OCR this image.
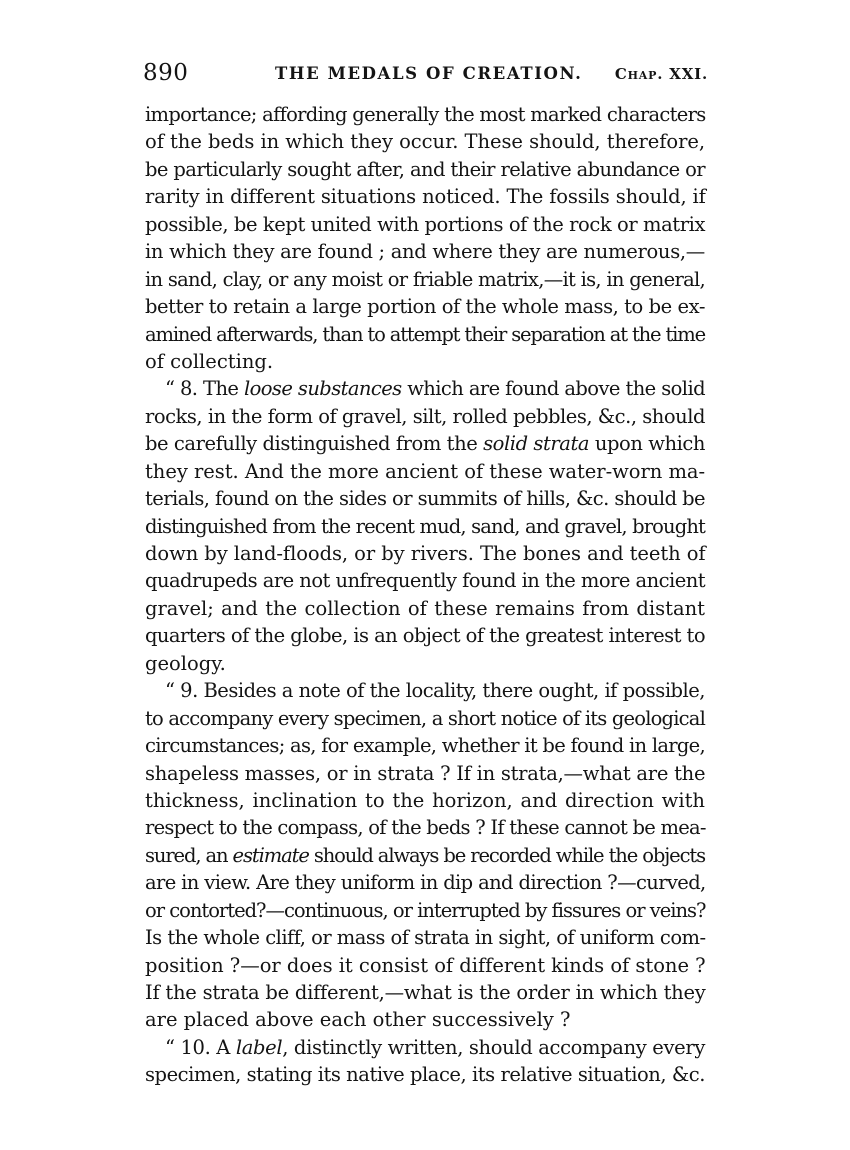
890	THE MEDALS OF CREATION. Chap. XXI.
importance; affording generally the most marked characters
of the beds in which they occur. These should, therefore,
be particularly sought after, and their relative abundance or
rarity in different situations noticed. The fossils should, if
possible, be kept united with portions of the rock or matrix
in which they are found ; and where they are numerous,—
in sand, clay, or any moist or friable matrix,—it is, in general,
better to retain a large portion of the whole mass, to be ex-
amined afterwards, than to attempt their separation at the time
of collecting.
“ 8. The loose substances which are found above the solid
rocks, in the form of gravel, silt, rolled pebbles, &c., should
be carefully distinguished from the solid strata upon which
they rest. And the more ancient of these water-worn ma-
terials, found on the sides or summits of hills, &c. should be
distinguished from the recent mud, sand, and gravel, brought
down by land-floods, or by rivers. The bones and teeth of
quadrupeds are not unfrequently found in the more ancient
gravel; and the collection of these remains from distant
quarters of the globe, is an object of the greatest interest to
geology.
“ 9. Besides a note of the locality, there ought, if possible,
to accompany every specimen, a short notice of its geological
circumstances; as, for example, whether it be found in large,
shapeless masses, or in strata ? If in strata,—what are the
thickness, inclination to the horizon, and direction with
respect to the compass, of the beds ? If these cannot be mea-
sured, an estimate should always be recorded while the objects
are in view. Are they uniform in dip and direction ?—curved,
or contorted?—continuous, or interrupted by fissures or veins?
Is the whole cliff, or mass of strata in sight, of uniform com-
position ?—or does it consist of different kinds of stone ?
If the strata be different,—what is the order in which they
are placed above each other successively ?
“ 10. A label, distinctly written, should accompany every
specimen, stating its native place, its relative situation, &c.
